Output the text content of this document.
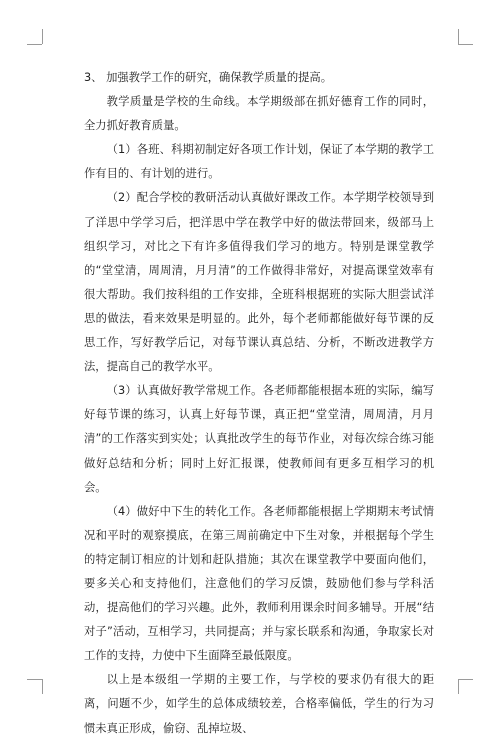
3、 加强教学工作的研究，确保教学质量的提高。

教学质量是学校的生命线。本学期级部在抓好德育工作的同时，全力抓好教育质量。

（1）各班、科期初制定好各项工作计划，保证了本学期的教学工作有目的、有计划的进行。

（2）配合学校的教研活动认真做好课改工作。本学期学校领导到了洋思中学学习后，把洋思中学在教学中好的做法带回来，级部马上组织学习，对比之下有许多值得我们学习的地方。特别是课堂教学的“堂堂清，周周清，月月清”的工作做得非常好，对提高课堂效率有很大帮助。我们按科组的工作安排，全班科根据班的实际大胆尝试洋思的做法，看来效果是明显的。此外，每个老师都能做好每节课的反思工作，写好教学后记，对每节课认真总结、分析，不断改进教学方法，提高自己的教学水平。

（3）认真做好教学常规工作。各老师都能根据本班的实际，编写好每节课的练习，认真上好每节课，真正把“堂堂清，周周清，月月清”的工作落实到实处；认真批改学生的每节作业，对每次综合练习能做好总结和分析；同时上好汇报课，使教师间有更多互相学习的机会。

（4）做好中下生的转化工作。各老师都能根据上学期期末考试情况和平时的观察摸底，在第三周前确定中下生对象，并根据每个学生的特定制订相应的计划和赶队措施；其次在课堂教学中要面向他们，要多关心和支持他们，注意他们的学习反馈，鼓励他们参与学科活动，提高他们的学习兴趣。此外，教师利用课余时间多辅导。开展“结对子”活动，互相学习，共同提高；并与家长联系和沟通，争取家长对工作的支持，力使中下生面降至最低限度。

以上是本级组一学期的主要工作，与学校的要求仍有很大的距离，问题不少，如学生的总体成绩较差，合格率偏低，学生的行为习惯未真正形成，偷窃、乱掉垃圾、
